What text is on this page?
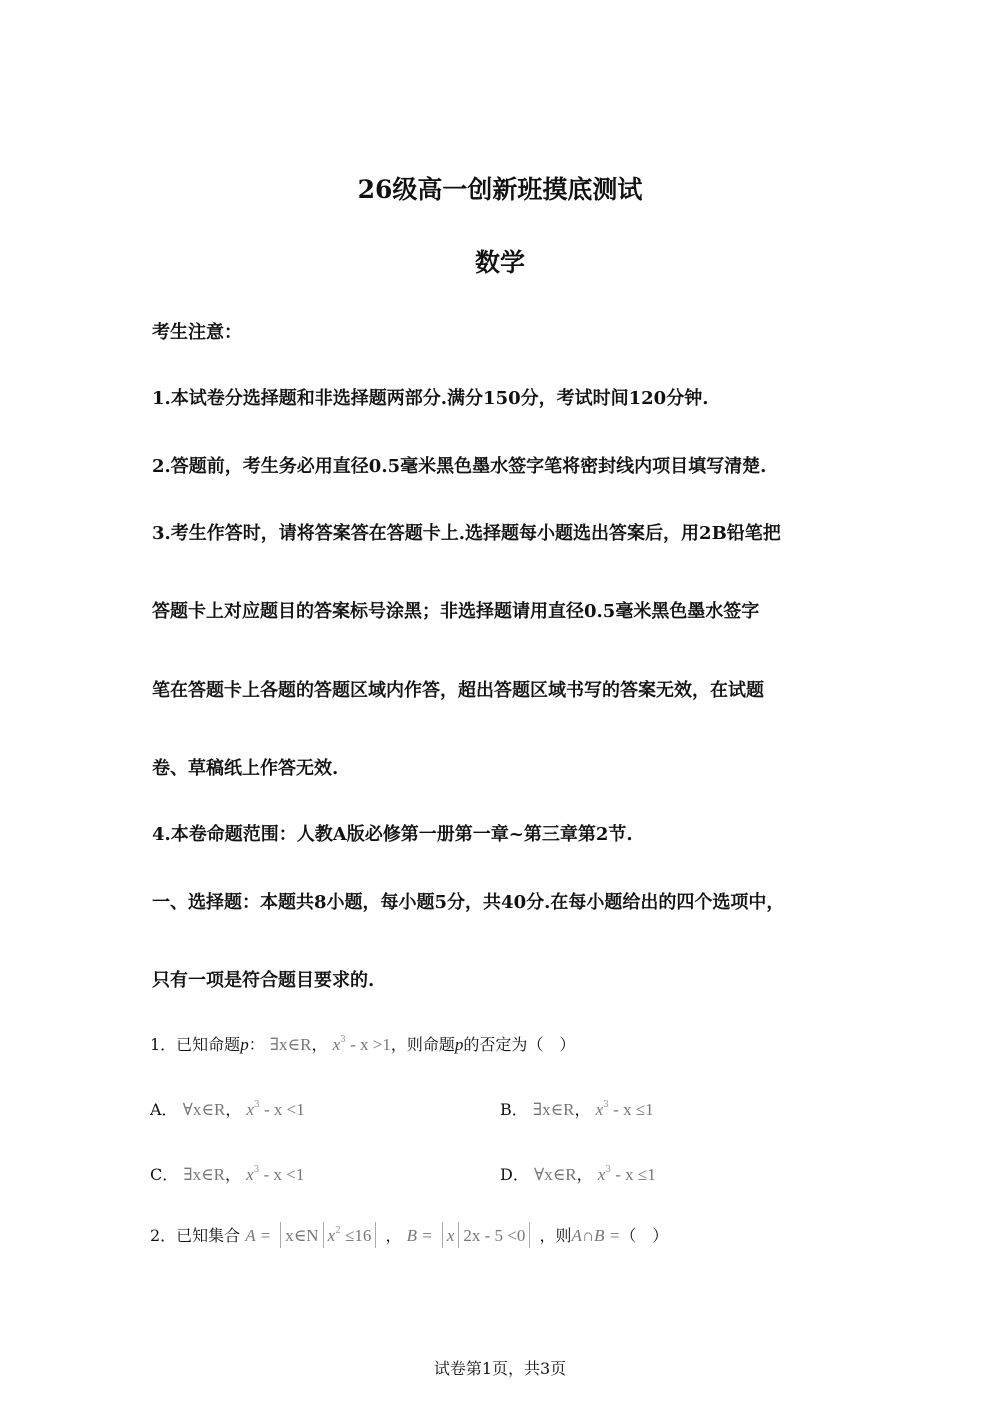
26级高一创新班摸底测试
数学
考生注意：
1.本试卷分选择题和非选择题两部分.满分150分，考试时间120分钟.
2.答题前，考生务必用直径0.5毫米黑色墨水签字笔将密封线内项目填写清楚.
3.考生作答时，请将答案答在答题卡上.选择题每小题选出答案后，用2B铅笔把
答题卡上对应题目的答案标号涂黑；非选择题请用直径0.5毫米黑色墨水签字
笔在答题卡上各题的答题区域内作答，超出答题区域书写的答案无效，在试题
卷、草稿纸上作答无效.
4.本卷命题范围：人教A版必修第一册第一章~第三章第2节.
一、选择题：本题共8小题，每小题5分，共40分.在每小题给出的四个选项中，
只有一项是符合题目要求的.
1．已知命题p： ∃x∈R， $x^3 - x >1$，则命题p的否定为（　）
A． ∀x∈R， $x^3 - x <1$	B． ∃x∈R， $x^3 - x \le 1$
C． ∃x∈R， $x^3 - x <1$	D． ∀x∈R， $x^3 - x \le 1$
2．已知集合 A = x∈N $x^2 \le 16$ ， B = x 2x - 5 <0 ，则A∩B =（　）
试卷第1页，共3页
